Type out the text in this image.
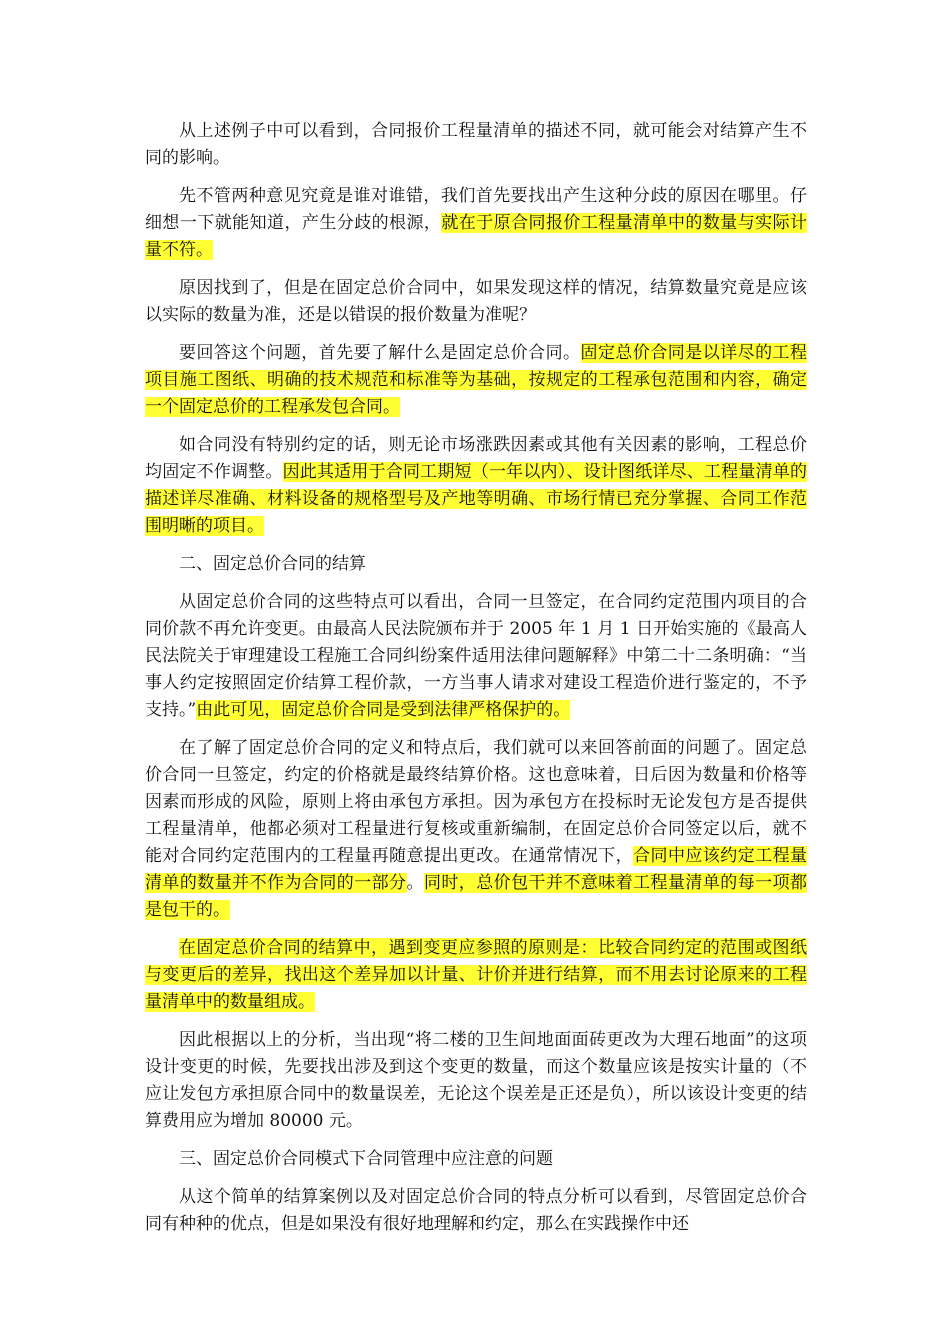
从上述例子中可以看到，合同报价工程量清单的描述不同，就可能会对结算产生不同的影响。

先不管两种意见究竟是谁对谁错，我们首先要找出产生这种分歧的原因在哪里。仔细想一下就能知道，产生分歧的根源，就在于原合同报价工程量清单中的数量与实际计量不符。

原因找到了，但是在固定总价合同中，如果发现这样的情况，结算数量究竟是应该以实际的数量为准，还是以错误的报价数量为准呢？

要回答这个问题，首先要了解什么是固定总价合同。固定总价合同是以详尽的工程项目施工图纸、明确的技术规范和标准等为基础，按规定的工程承包范围和内容，确定一个固定总价的工程承发包合同。

如合同没有特别约定的话，则无论市场涨跌因素或其他有关因素的影响，工程总价均固定不作调整。因此其适用于合同工期短（一年以内）、设计图纸详尽、工程量清单的描述详尽准确、材料设备的规格型号及产地等明确、市场行情已充分掌握、合同工作范围明晰的项目。

二、固定总价合同的结算

从固定总价合同的这些特点可以看出，合同一旦签定，在合同约定范围内项目的合同价款不再允许变更。由最高人民法院颁布并于 2005 年 1 月 1 日开始实施的《最高人民法院关于审理建设工程施工合同纠纷案件适用法律问题解释》中第二十二条明确：“当事人约定按照固定价结算工程价款，一方当事人请求对建设工程造价进行鉴定的，不予支持。”由此可见，固定总价合同是受到法律严格保护的。

在了解了固定总价合同的定义和特点后，我们就可以来回答前面的问题了。固定总价合同一旦签定，约定的价格就是最终结算价格。这也意味着，日后因为数量和价格等因素而形成的风险，原则上将由承包方承担。因为承包方在投标时无论发包方是否提供工程量清单，他都必须对工程量进行复核或重新编制，在固定总价合同签定以后，就不能对合同约定范围内的工程量再随意提出更改。在通常情况下，合同中应该约定工程量清单的数量并不作为合同的一部分。同时，总价包干并不意味着工程量清单的每一项都是包干的。

在固定总价合同的结算中，遇到变更应参照的原则是：比较合同约定的范围或图纸与变更后的差异，找出这个差异加以计量、计价并进行结算，而不用去讨论原来的工程量清单中的数量组成。

因此根据以上的分析，当出现“将二楼的卫生间地面面砖更改为大理石地面”的这项设计变更的时候，先要找出涉及到这个变更的数量，而这个数量应该是按实计量的（不应让发包方承担原合同中的数量误差，无论这个误差是正还是负），所以该设计变更的结算费用应为增加 80000 元。

三、固定总价合同模式下合同管理中应注意的问题

从这个简单的结算案例以及对固定总价合同的特点分析可以看到，尽管固定总价合同有种种的优点，但是如果没有很好地理解和约定，那么在实践操作中还
